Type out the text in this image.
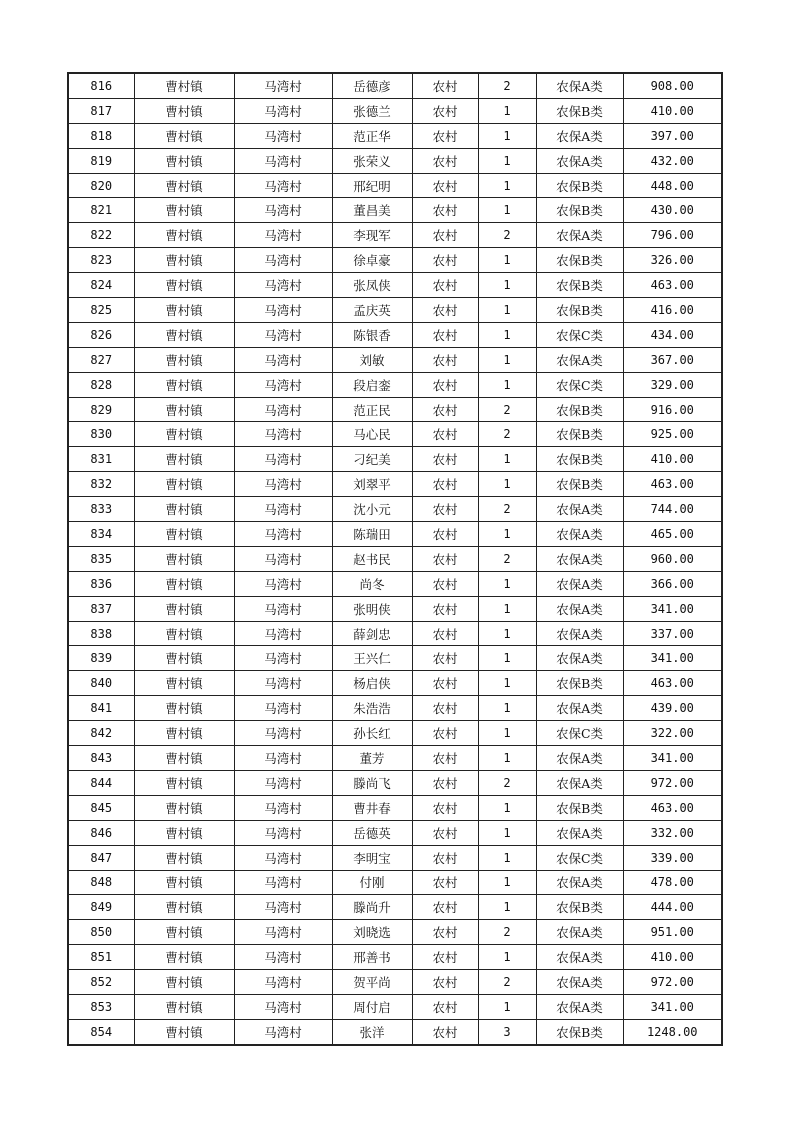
816	曹村镇	马湾村	岳德彦	农村	2	农保A类	908.00
817	曹村镇	马湾村	张德兰	农村	1	农保B类	410.00
818	曹村镇	马湾村	范正华	农村	1	农保A类	397.00
819	曹村镇	马湾村	张荣义	农村	1	农保A类	432.00
820	曹村镇	马湾村	邢纪明	农村	1	农保B类	448.00
821	曹村镇	马湾村	董昌美	农村	1	农保B类	430.00
822	曹村镇	马湾村	李现军	农村	2	农保A类	796.00
823	曹村镇	马湾村	徐卓豪	农村	1	农保B类	326.00
824	曹村镇	马湾村	张凤侠	农村	1	农保B类	463.00
825	曹村镇	马湾村	孟庆英	农村	1	农保B类	416.00
826	曹村镇	马湾村	陈银香	农村	1	农保C类	434.00
827	曹村镇	马湾村	刘敏	农村	1	农保A类	367.00
828	曹村镇	马湾村	段启銮	农村	1	农保C类	329.00
829	曹村镇	马湾村	范正民	农村	2	农保B类	916.00
830	曹村镇	马湾村	马心民	农村	2	农保B类	925.00
831	曹村镇	马湾村	刁纪美	农村	1	农保B类	410.00
832	曹村镇	马湾村	刘翠平	农村	1	农保B类	463.00
833	曹村镇	马湾村	沈小元	农村	2	农保A类	744.00
834	曹村镇	马湾村	陈瑞田	农村	1	农保A类	465.00
835	曹村镇	马湾村	赵书民	农村	2	农保A类	960.00
836	曹村镇	马湾村	尚冬	农村	1	农保A类	366.00
837	曹村镇	马湾村	张明侠	农村	1	农保A类	341.00
838	曹村镇	马湾村	薛剑忠	农村	1	农保A类	337.00
839	曹村镇	马湾村	王兴仁	农村	1	农保A类	341.00
840	曹村镇	马湾村	杨启侠	农村	1	农保B类	463.00
841	曹村镇	马湾村	朱浩浩	农村	1	农保A类	439.00
842	曹村镇	马湾村	孙长红	农村	1	农保C类	322.00
843	曹村镇	马湾村	董芳	农村	1	农保A类	341.00
844	曹村镇	马湾村	滕尚飞	农村	2	农保A类	972.00
845	曹村镇	马湾村	曹井春	农村	1	农保B类	463.00
846	曹村镇	马湾村	岳德英	农村	1	农保A类	332.00
847	曹村镇	马湾村	李明宝	农村	1	农保C类	339.00
848	曹村镇	马湾村	付刚	农村	1	农保A类	478.00
849	曹村镇	马湾村	滕尚升	农村	1	农保B类	444.00
850	曹村镇	马湾村	刘晓选	农村	2	农保A类	951.00
851	曹村镇	马湾村	邢善书	农村	1	农保A类	410.00
852	曹村镇	马湾村	贺平尚	农村	2	农保A类	972.00
853	曹村镇	马湾村	周付启	农村	1	农保A类	341.00
854	曹村镇	马湾村	张洋	农村	3	农保B类	1248.00
